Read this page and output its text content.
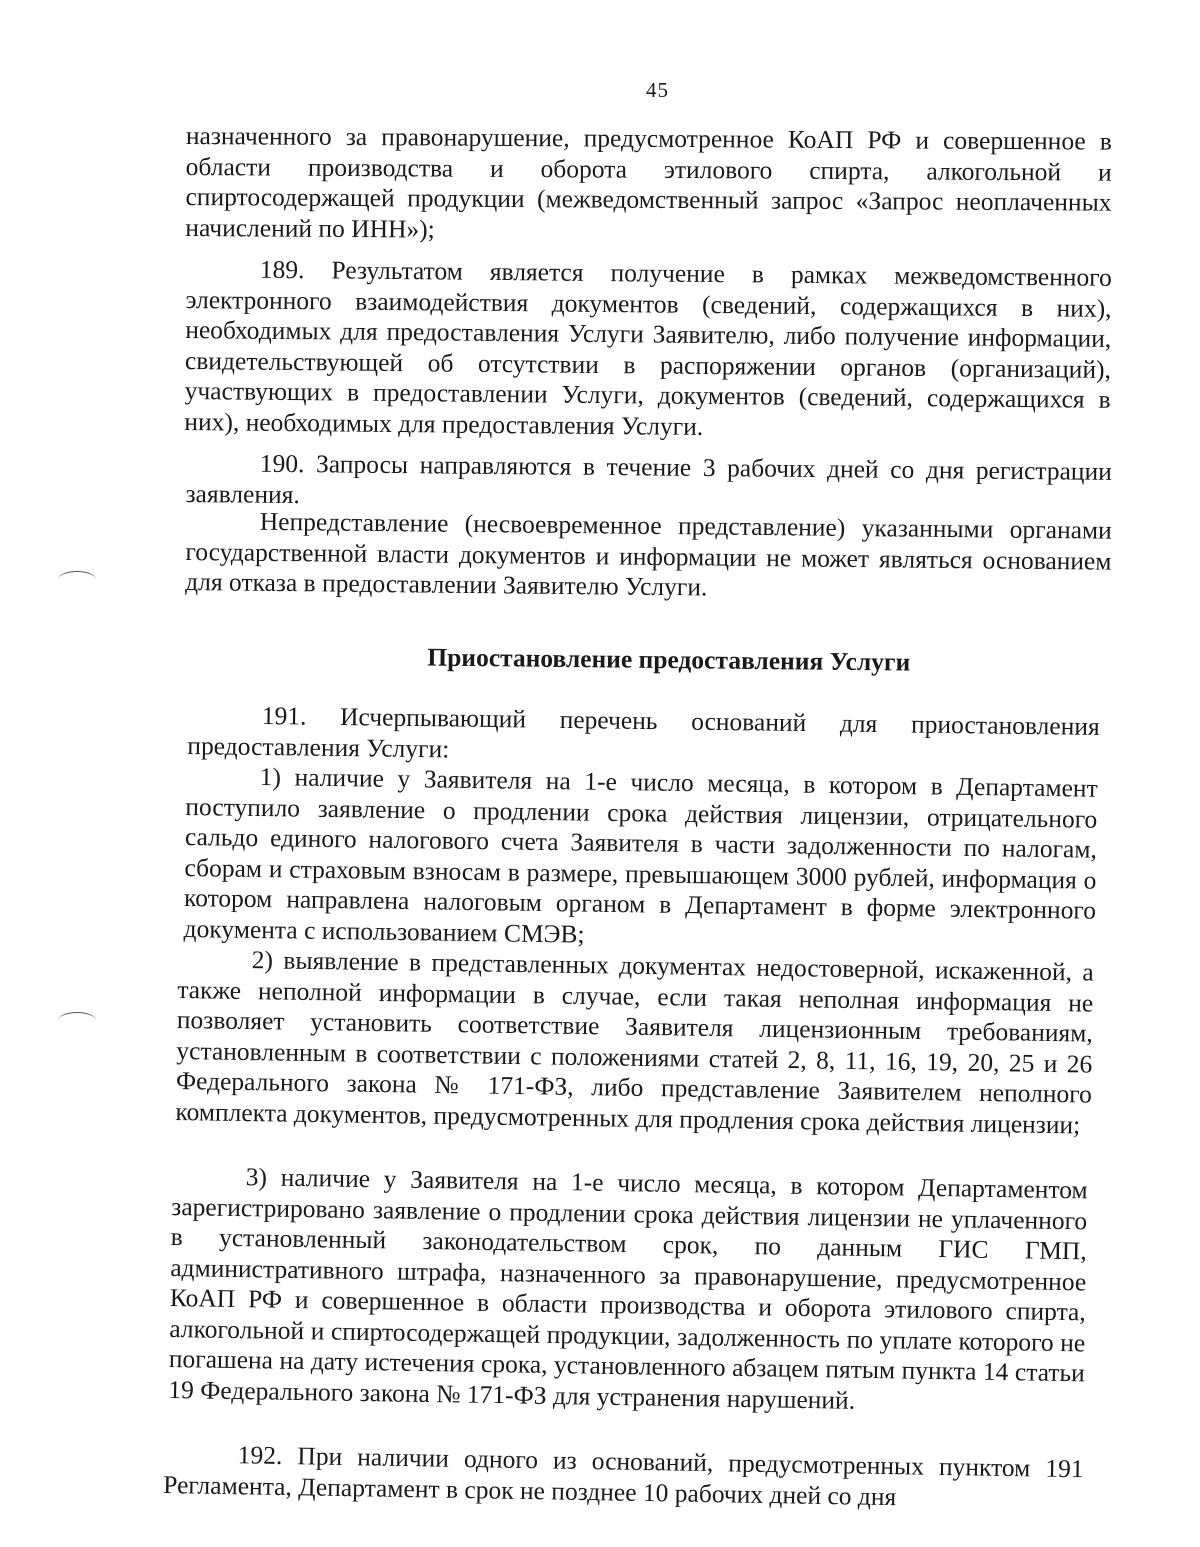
45

назначенного за правонарушение, предусмотренное КоАП РФ и совершенное в области производства и оборота этилового спирта, алкогольной и спиртосодержащей продукции (межведомственный запрос «Запрос неоплаченных начислений по ИНН»);

189. Результатом является получение в рамках межведомственного электронного взаимодействия документов (сведений, содержащихся в них), необходимых для предоставления Услуги Заявителю, либо получение информации, свидетельствующей об отсутствии в распоряжении органов (организаций), участвующих в предоставлении Услуги, документов (сведений, содержащихся в них), необходимых для предоставления Услуги.

190. Запросы направляются в течение 3 рабочих дней со дня регистрации заявления.

Непредставление (несвоевременное представление) указанными органами государственной власти документов и информации не может являться основанием для отказа в предоставлении Заявителю Услуги.

Приостановление предоставления Услуги

191. Исчерпывающий перечень оснований для приостановления предоставления Услуги:

1) наличие у Заявителя на 1-е число месяца, в котором в Департамент поступило заявление о продлении срока действия лицензии, отрицательного сальдо единого налогового счета Заявителя в части задолженности по налогам, сборам и страховым взносам в размере, превышающем 3000 рублей, информация о котором направлена налоговым органом в Департамент в форме электронного документа с использованием СМЭВ;

2) выявление в представленных документах недостоверной, искаженной, а также неполной информации в случае, если такая неполная информация не позволяет установить соответствие Заявителя лицензионным требованиям, установленным в соответствии с положениями статей 2, 8, 11, 16, 19, 20, 25 и 26 Федерального закона № 171-ФЗ, либо представление Заявителем неполного комплекта документов, предусмотренных для продления срока действия лицензии;

3) наличие у Заявителя на 1-е число месяца, в котором Департаментом зарегистрировано заявление о продлении срока действия лицензии не уплаченного в установленный законодательством срок, по данным ГИС ГМП, административного штрафа, назначенного за правонарушение, предусмотренное КоАП РФ и совершенное в области производства и оборота этилового спирта, алкогольной и спиртосодержащей продукции, задолженность по уплате которого не погашена на дату истечения срока, установленного абзацем пятым пункта 14 статьи 19 Федерального закона № 171-ФЗ для устранения нарушений.

192. При наличии одного из оснований, предусмотренных пунктом 191 Регламента, Департамент в срок не позднее 10 рабочих дней со дня
